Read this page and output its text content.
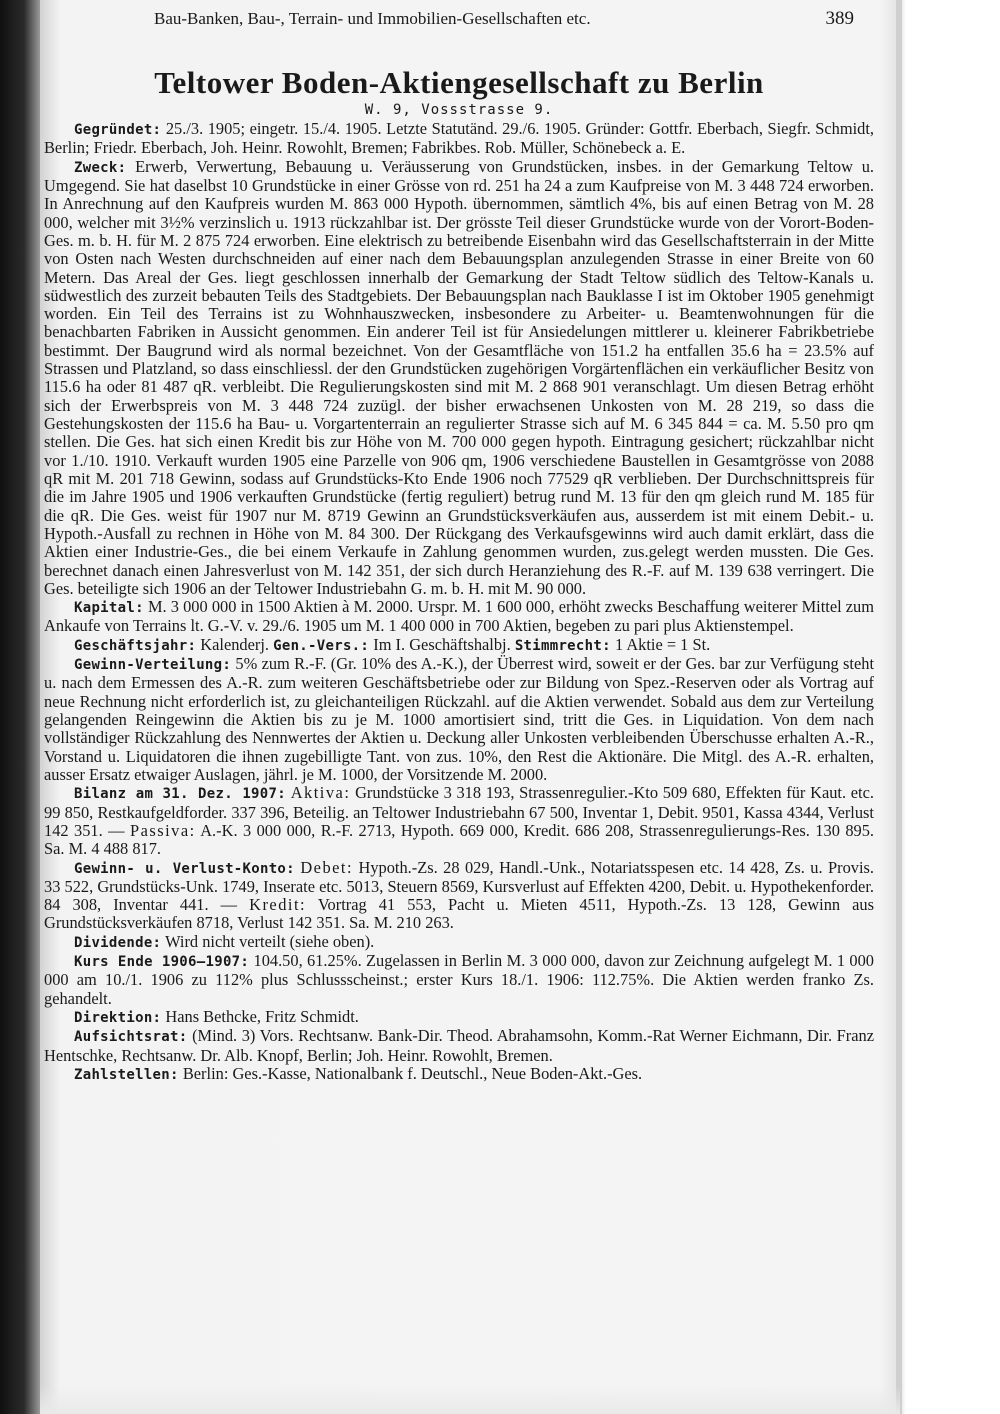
Bau-Banken, Bau-, Terrain- und Immobilien-Gesellschaften etc.	389
Teltower Boden-Aktiengesellschaft zu Berlin
W. 9, Vossstrasse 9.

Gegründet: 25./3. 1905; eingetr. 15./4. 1905. Letzte Statutänd. 29./6. 1905. Gründer: Gottfr. Eberbach, Siegfr. Schmidt, Berlin; Friedr. Eberbach, Joh. Heinr. Rowohlt, Bremen; Fabrikbes. Rob. Müller, Schönebeck a. E.

Zweck: Erwerb, Verwertung, Bebauung u. Veräusserung von Grundstücken, insbes. in der Gemarkung Teltow u. Umgegend. Sie hat daselbst 10 Grundstücke in einer Grösse von rd. 251 ha 24 a zum Kaufpreise von M. 3 448 724 erworben. In Anrechnung auf den Kaufpreis wurden M. 863 000 Hypoth. übernommen, sämtlich 4%, bis auf einen Betrag von M. 28 000, welcher mit 3½% verzinslich u. 1913 rückzahlbar ist. Der grösste Teil dieser Grundstücke wurde von der Vorort-Boden-Ges. m. b. H. für M. 2 875 724 erworben. Eine elektrisch zu betreibende Eisenbahn wird das Gesellschaftsterrain in der Mitte von Osten nach Westen durchschneiden auf einer nach dem Bebauungsplan anzulegenden Strasse in einer Breite von 60 Metern. Das Areal der Ges. liegt geschlossen innerhalb der Gemarkung der Stadt Teltow südlich des Teltow-Kanals u. südwestlich des zurzeit bebauten Teils des Stadtgebiets. Der Bebauungsplan nach Bauklasse I ist im Oktober 1905 genehmigt worden. Ein Teil des Terrains ist zu Wohnhauszwecken, insbesondere zu Arbeiter- u. Beamtenwohnungen für die benachbarten Fabriken in Aussicht genommen. Ein anderer Teil ist für Ansiedelungen mittlerer u. kleinerer Fabrikbetriebe bestimmt. Der Baugrund wird als normal bezeichnet. Von der Gesamtfläche von 151.2 ha entfallen 35.6 ha = 23.5% auf Strassen und Platzland, so dass einschliessl. der den Grundstücken zugehörigen Vorgärtenflächen ein verkäuflicher Besitz von 115.6 ha oder 81 487 qR. verbleibt. Die Regulierungskosten sind mit M. 2 868 901 veranschlagt. Um diesen Betrag erhöht sich der Erwerbspreis von M. 3 448 724 zuzügl. der bisher erwachsenen Unkosten von M. 28 219, so dass die Gestehungskosten der 115.6 ha Bau- u. Vorgartenterrain an regulierter Strasse sich auf M. 6 345 844 = ca. M. 5.50 pro qm stellen. Die Ges. hat sich einen Kredit bis zur Höhe von M. 700 000 gegen hypoth. Eintragung gesichert; rückzahlbar nicht vor 1./10. 1910. Verkauft wurden 1905 eine Parzelle von 906 qm, 1906 verschiedene Baustellen in Gesamtgrösse von 2088 qR mit M. 201 718 Gewinn, sodass auf Grundstücks-Kto Ende 1906 noch 77529 qR verblieben. Der Durchschnittspreis für die im Jahre 1905 und 1906 verkauften Grundstücke (fertig reguliert) betrug rund M. 13 für den qm gleich rund M. 185 für die qR. Die Ges. weist für 1907 nur M. 8719 Gewinn an Grundstücksverkäufen aus, ausserdem ist mit einem Debit.- u. Hypoth.-Ausfall zu rechnen in Höhe von M. 84 300. Der Rückgang des Verkaufsgewinns wird auch damit erklärt, dass die Aktien einer Industrie-Ges., die bei einem Verkaufe in Zahlung genommen wurden, zus.gelegt werden mussten. Die Ges. berechnet danach einen Jahresverlust von M. 142 351, der sich durch Heranziehung des R.-F. auf M. 139 638 verringert. Die Ges. beteiligte sich 1906 an der Teltower Industriebahn G. m. b. H. mit M. 90 000.

Kapital: M. 3 000 000 in 1500 Aktien à M. 2000. Urspr. M. 1 600 000, erhöht zwecks Beschaffung weiterer Mittel zum Ankaufe von Terrains lt. G.-V. v. 29./6. 1905 um M. 1 400 000 in 700 Aktien, begeben zu pari plus Aktienstempel.

Geschäftsjahr: Kalenderj. Gen.-Vers.: Im I. Geschäftshalbj. Stimmrecht: 1 Aktie = 1 St.

Gewinn-Verteilung: 5% zum R.-F. (Gr. 10% des A.-K.), der Überrest wird, soweit er der Ges. bar zur Verfügung steht u. nach dem Ermessen des A.-R. zum weiteren Geschäftsbetriebe oder zur Bildung von Spez.-Reserven oder als Vortrag auf neue Rechnung nicht erforderlich ist, zu gleichanteiligen Rückzahl. auf die Aktien verwendet. Sobald aus dem zur Verteilung gelangenden Reingewinn die Aktien bis zu je M. 1000 amortisiert sind, tritt die Ges. in Liquidation. Von dem nach vollständiger Rückzahlung des Nennwertes der Aktien u. Deckung aller Unkosten verbleibenden Überschusse erhalten A.-R., Vorstand u. Liquidatoren die ihnen zugebilligte Tant. von zus. 10%, den Rest die Aktionäre. Die Mitgl. des A.-R. erhalten, ausser Ersatz etwaiger Auslagen, jährl. je M. 1000, der Vorsitzende M. 2000.

Bilanz am 31. Dez. 1907: Aktiva: Grundstücke 3 318 193, Strassenregulier.-Kto 509 680, Effekten für Kaut. etc. 99 850, Restkaufgeldforder. 337 396, Beteilig. an Teltower Industriebahn 67 500, Inventar 1, Debit. 9501, Kassa 4344, Verlust 142 351. — Passiva: A.-K. 3 000 000, R.-F. 2713, Hypoth. 669 000, Kredit. 686 208, Strassenregulierungs-Res. 130 895. Sa. M. 4 488 817.

Gewinn- u. Verlust-Konto: Debet: Hypoth.-Zs. 28 029, Handl.-Unk., Notariatsspesen etc. 14 428, Zs. u. Provis. 33 522, Grundstücks-Unk. 1749, Inserate etc. 5013, Steuern 8569, Kursverlust auf Effekten 4200, Debit. u. Hypothekenforder. 84 308, Inventar 441. — Kredit: Vortrag 41 553, Pacht u. Mieten 4511, Hypoth.-Zs. 13 128, Gewinn aus Grundstücksverkäufen 8718, Verlust 142 351. Sa. M. 210 263.

Dividende: Wird nicht verteilt (siehe oben).

Kurs Ende 1906—1907: 104.50, 61.25%. Zugelassen in Berlin M. 3 000 000, davon zur Zeichnung aufgelegt M. 1 000 000 am 10./1. 1906 zu 112% plus Schlussscheinst.; erster Kurs 18./1. 1906: 112.75%. Die Aktien werden franko Zs. gehandelt.

Direktion: Hans Bethcke, Fritz Schmidt.

Aufsichtsrat: (Mind. 3) Vors. Rechtsanw. Bank-Dir. Theod. Abrahamsohn, Komm.-Rat Werner Eichmann, Dir. Franz Hentschke, Rechtsanw. Dr. Alb. Knopf, Berlin; Joh. Heinr. Rowohlt, Bremen.

Zahlstellen: Berlin: Ges.-Kasse, Nationalbank f. Deutschl., Neue Boden-Akt.-Ges.
